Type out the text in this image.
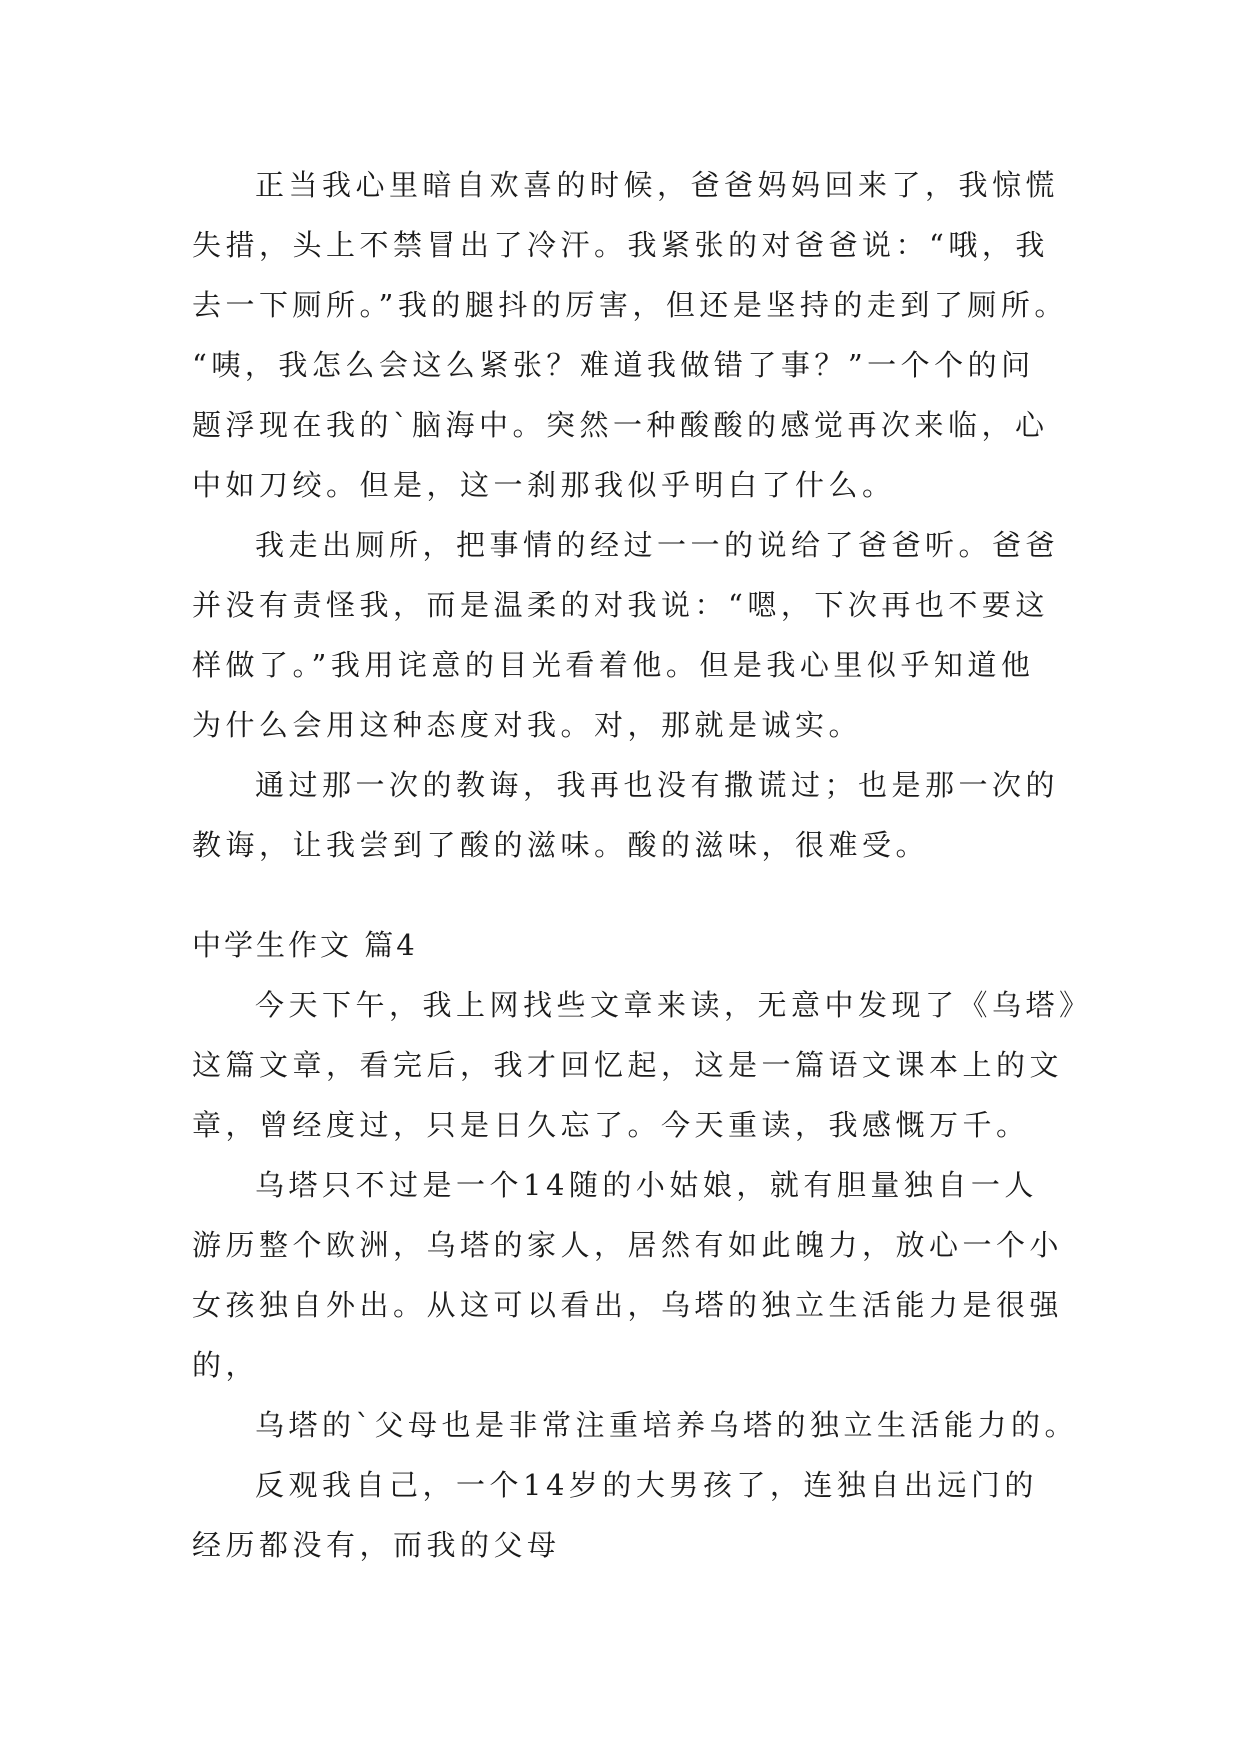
正当我心里暗自欢喜的时候，爸爸妈妈回来了，我惊慌
失措，头上不禁冒出了冷汗。我紧张的对爸爸说：“哦，我
去一下厕所。”我的腿抖的厉害，但还是坚持的走到了厕所。
“咦，我怎么会这么紧张？难道我做错了事？”一个个的问
题浮现在我的`脑海中。突然一种酸酸的感觉再次来临，心
中如刀绞。但是，这一刹那我似乎明白了什么。
我走出厕所，把事情的经过一一的说给了爸爸听。爸爸
并没有责怪我，而是温柔的对我说：“嗯，下次再也不要这
样做了。”我用诧意的目光看着他。但是我心里似乎知道他
为什么会用这种态度对我。对，那就是诚实。
通过那一次的教诲，我再也没有撒谎过；也是那一次的
教诲，让我尝到了酸的滋味。酸的滋味，很难受。
中学生作文 篇4
今天下午，我上网找些文章来读，无意中发现了《乌塔》
这篇文章，看完后，我才回忆起，这是一篇语文课本上的文
章，曾经度过，只是日久忘了。今天重读，我感慨万千。
乌塔只不过是一个14随的小姑娘，就有胆量独自一人
游历整个欧洲，乌塔的家人，居然有如此魄力，放心一个小
女孩独自外出。从这可以看出，乌塔的独立生活能力是很强
的，
乌塔的`父母也是非常注重培养乌塔的独立生活能力的。
反观我自己，一个14岁的大男孩了，连独自出远门的
经历都没有，而我的父母
